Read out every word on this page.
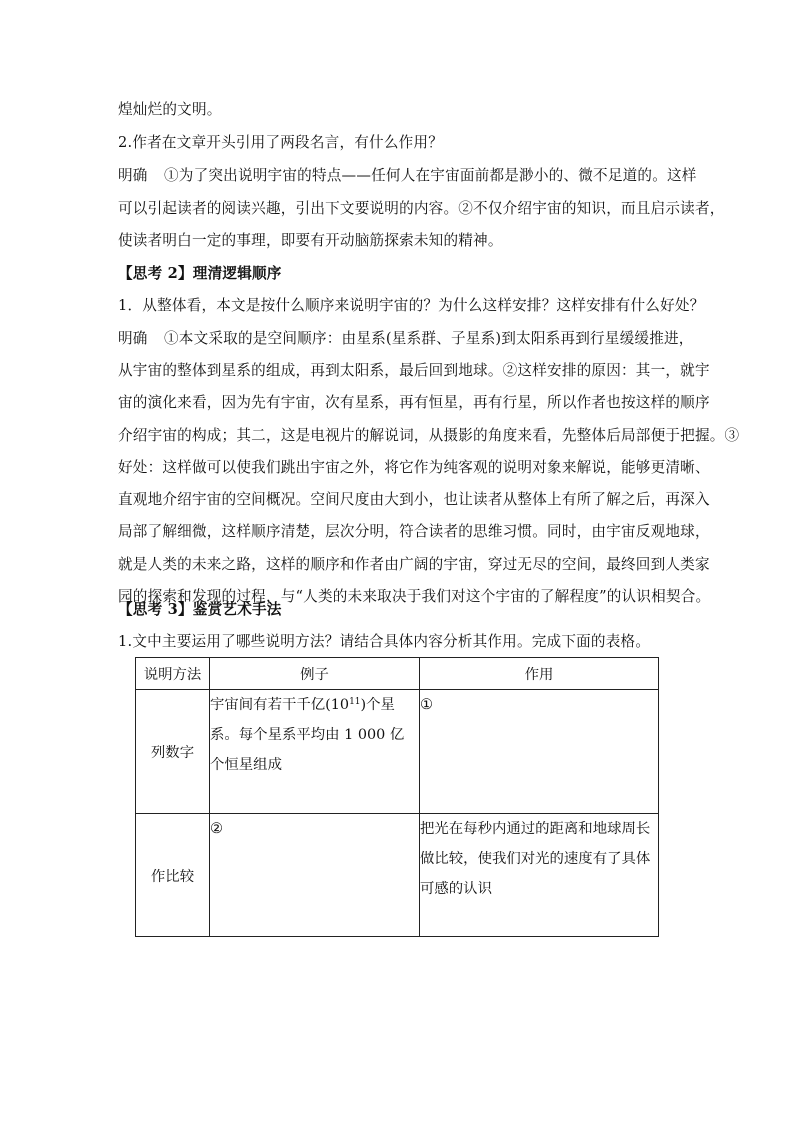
煌灿烂的文明。
2.作者在文章开头引用了两段名言，有什么作用？
明确 ①为了突出说明宇宙的特点——任何人在宇宙面前都是渺小的、微不足道的。这样
可以引起读者的阅读兴趣，引出下文要说明的内容。②不仅介绍宇宙的知识，而且启示读者，
使读者明白一定的事理，即要有开动脑筋探索未知的精神。
【思考 2】理清逻辑顺序
1．从整体看，本文是按什么顺序来说明宇宙的？为什么这样安排？这样安排有什么好处？
明确 ①本文采取的是空间顺序：由星系(星系群、子星系)到太阳系再到行星缓缓推进，
从宇宙的整体到星系的组成，再到太阳系，最后回到地球。②这样安排的原因：其一，就宇
宙的演化来看，因为先有宇宙，次有星系，再有恒星，再有行星，所以作者也按这样的顺序
介绍宇宙的构成；其二，这是电视片的解说词，从摄影的角度来看，先整体后局部便于把握。③
好处：这样做可以使我们跳出宇宙之外，将它作为纯客观的说明对象来解说，能够更清晰、
直观地介绍宇宙的空间概况。空间尺度由大到小，也让读者从整体上有所了解之后，再深入
局部了解细微，这样顺序清楚，层次分明，符合读者的思维习惯。同时，由宇宙反观地球，
就是人类的未来之路，这样的顺序和作者由广阔的宇宙，穿过无尽的空间，最终回到人类家
园的探索和发现的过程，与“人类的未来取决于我们对这个宇宙的了解程度”的认识相契合。
【思考 3】鉴赏艺术手法
1.文中主要运用了哪些说明方法？请结合具体内容分析其作用。完成下面的表格。
说明方法	例子	作用
列数字	宇宙间有若干千亿$(10^{11})$个星
系。每个星系平均由 1 000 亿
个恒星组成	①

作比较	②	把光在每秒内通过的距离和地球周长
做比较，使我们对光的速度有了具体
可感的认识
